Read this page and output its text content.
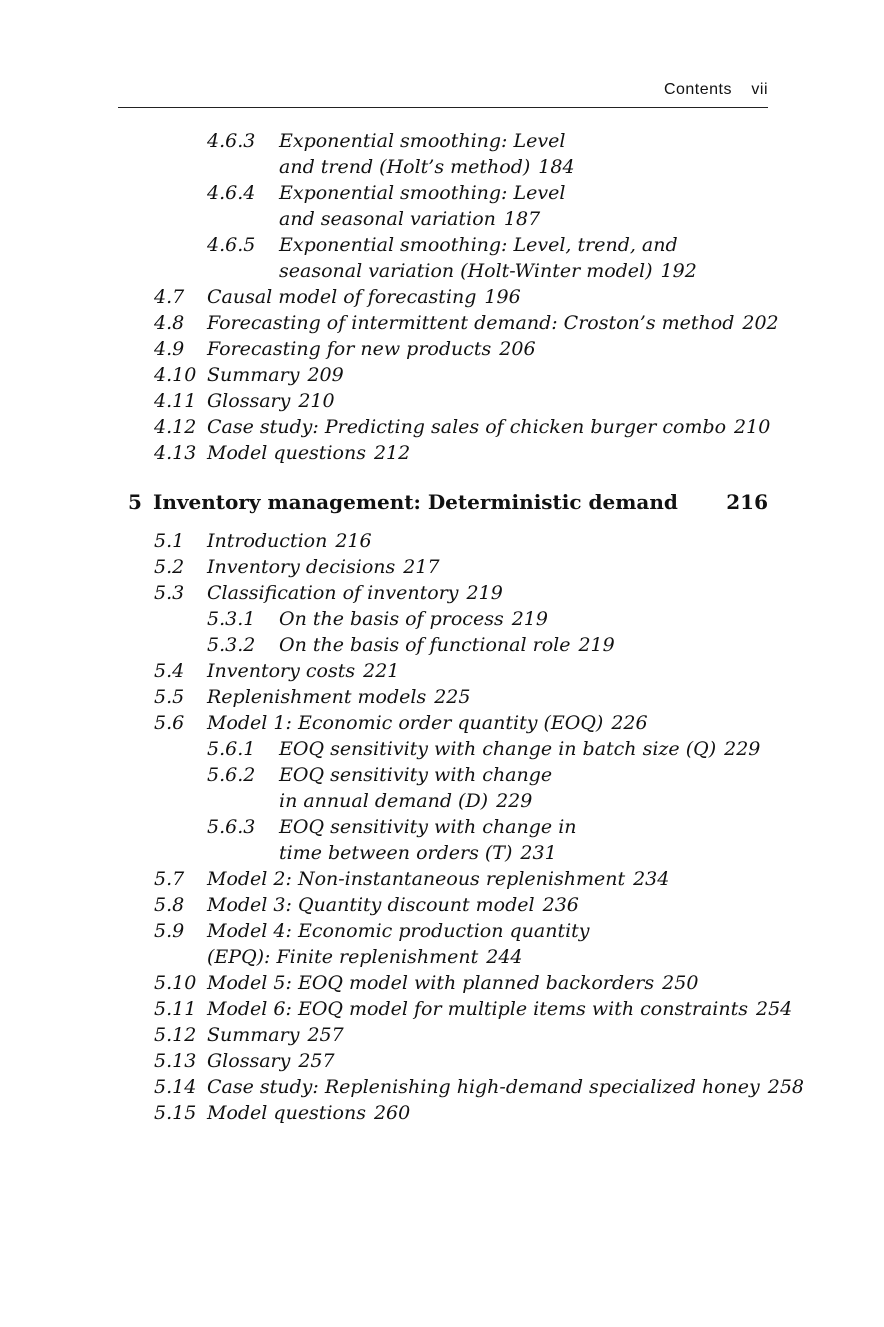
Contents vii
4.6.3 Exponential smoothing: Level
and trend (Holt’s method) 184
4.6.4 Exponential smoothing: Level
and seasonal variation 187
4.6.5 Exponential smoothing: Level, trend, and
seasonal variation (Holt-Winter model) 192
4.7 Causal model of forecasting 196
4.8 Forecasting of intermittent demand: Croston’s method 202
4.9 Forecasting for new products 206
4.10 Summary 209
4.11 Glossary 210
4.12 Case study: Predicting sales of chicken burger combo 210
4.13 Model questions 212
5 Inventory management: Deterministic demand 216
5.1 Introduction 216
5.2 Inventory decisions 217
5.3 Classification of inventory 219
5.3.1 On the basis of process 219
5.3.2 On the basis of functional role 219
5.4 Inventory costs 221
5.5 Replenishment models 225
5.6 Model 1: Economic order quantity (EOQ) 226
5.6.1 EOQ sensitivity with change in batch size (Q) 229
5.6.2 EOQ sensitivity with change
in annual demand (D) 229
5.6.3 EOQ sensitivity with change in
time between orders (T) 231
5.7 Model 2: Non-instantaneous replenishment 234
5.8 Model 3: Quantity discount model 236
5.9 Model 4: Economic production quantity
(EPQ): Finite replenishment 244
5.10 Model 5: EOQ model with planned backorders 250
5.11 Model 6: EOQ model for multiple items with constraints 254
5.12 Summary 257
5.13 Glossary 257
5.14 Case study: Replenishing high-demand specialized honey 258
5.15 Model questions 260
